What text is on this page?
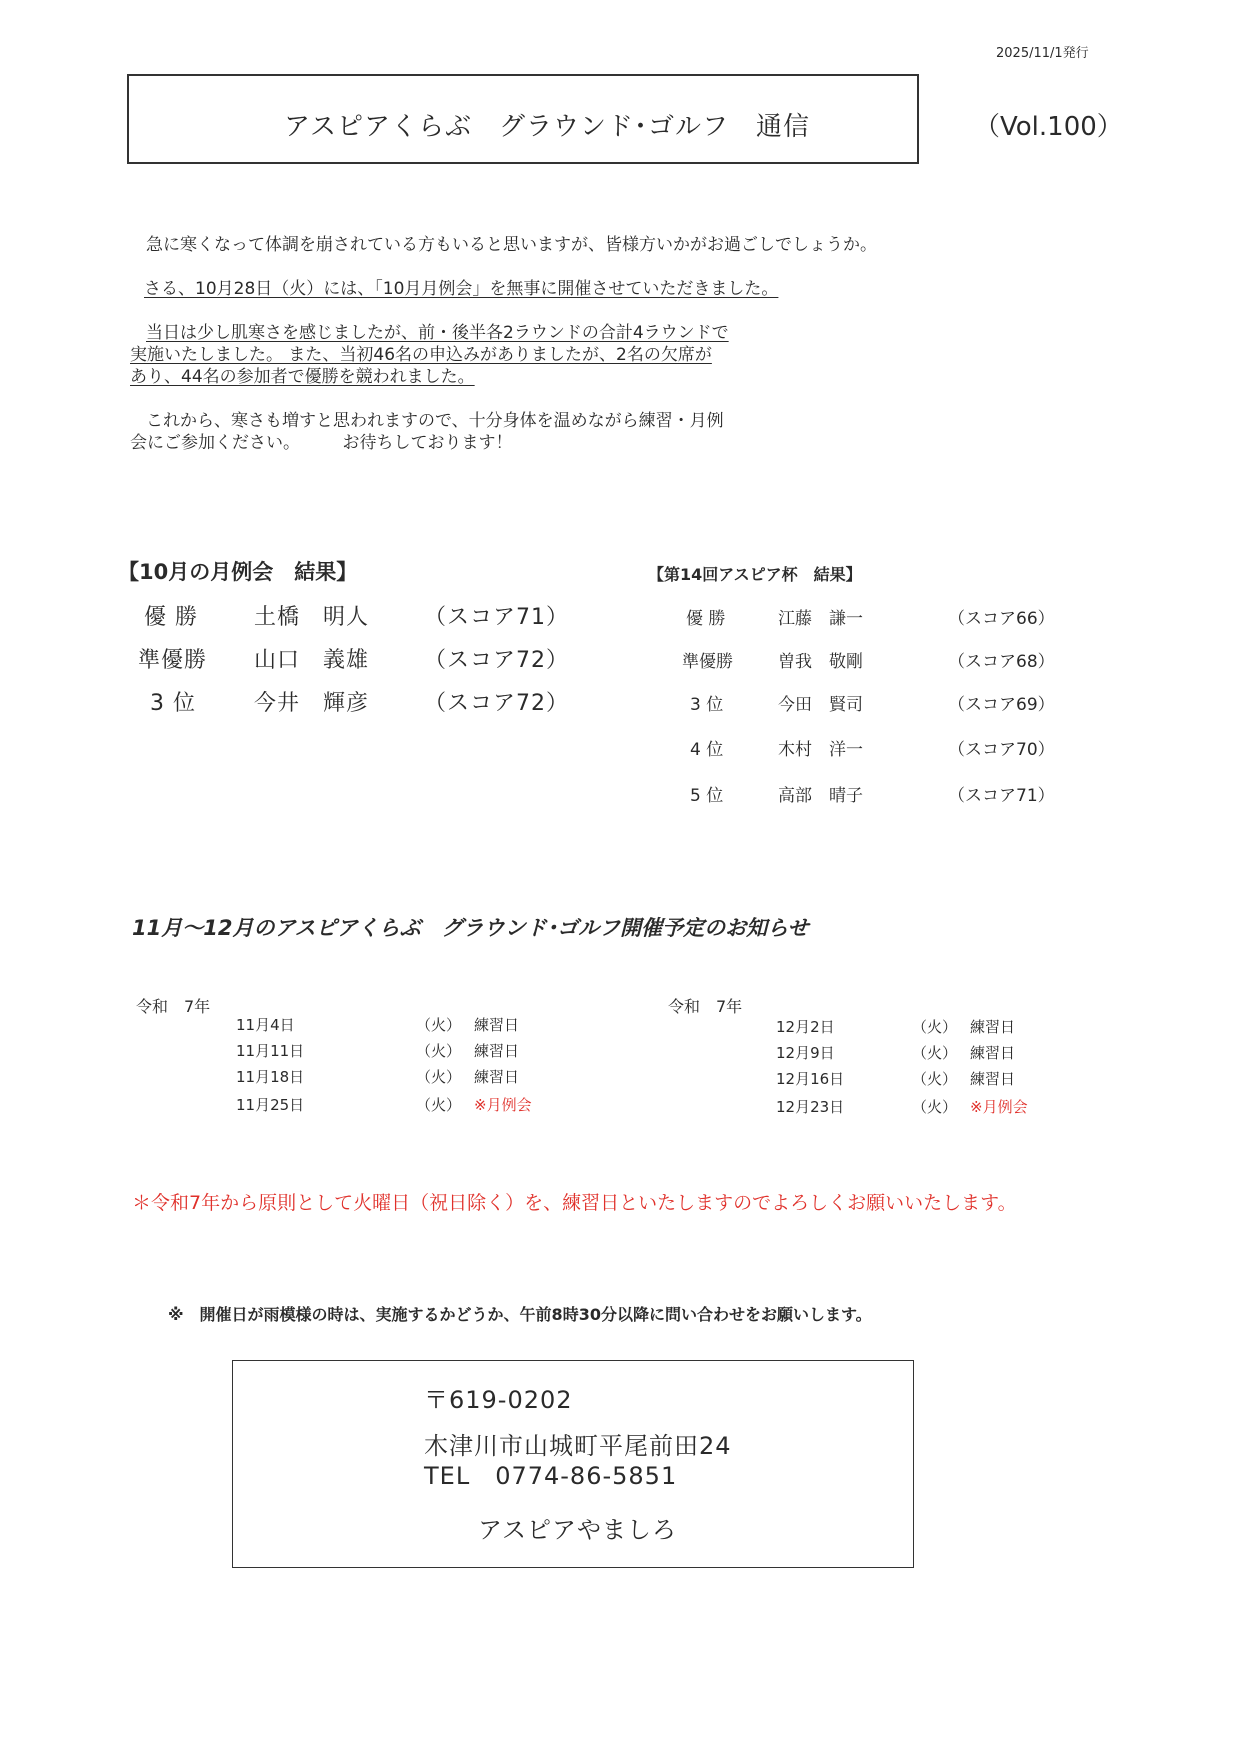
2025/11/1発行
アスピアくらぶ　グラウンド･ゴルフ　通信	（Vol.100）
急に寒くなって体調を崩されている方もいると思いますが、皆様方いかがお過ごしでしょうか。
さる、10月28日（火）には、「10月月例会」を無事に開催させていただきました。
当日は少し肌寒さを感じましたが、前・後半各2ラウンドの合計4ラウンドで
実施いたしました。 また、当初46名の申込みがありましたが、2名の欠席が
あり、44名の参加者で優勝を競われました。
これから、寒さも増すと思われますので、十分身体を温めながら練習・月例
会にご参加ください。　　　お待ちしております！
【10月の月例会　結果】
優 勝	土橋　明人 （スコア71）
準優勝 山口　義雄 （スコア72）
3 位	今井　輝彦 （スコア72）
【第14回アスピア杯　結果】
優 勝	江藤　謙一	（スコア66）
準優勝	曽我　敬剛	（スコア68）
3 位	今田　賢司	（スコア69）
4 位	木村　洋一	（スコア70）
5 位	高部　晴子	（スコア71）
11月～12月のアスピアくらぶ　グラウンド･ゴルフ開催予定のお知らせ
令和　7年
11月4日	（火） 練習日
11月11日	（火） 練習日
11月18日	（火） 練習日
11月25日	（火） ※月例会
令和　7年
12月2日	（火） 練習日
12月9日	（火） 練習日
12月16日	（火） 練習日
12月23日	（火） ※月例会
＊令和7年から原則として火曜日（祝日除く）を、練習日といたしますのでよろしくお願いいたします。
※　開催日が雨模様の時は、実施するかどうか、午前8時30分以降に問い合わせをお願いします。
〒619-0202
木津川市山城町平尾前田24
TEL　0774-86-5851
アスピアやましろ
